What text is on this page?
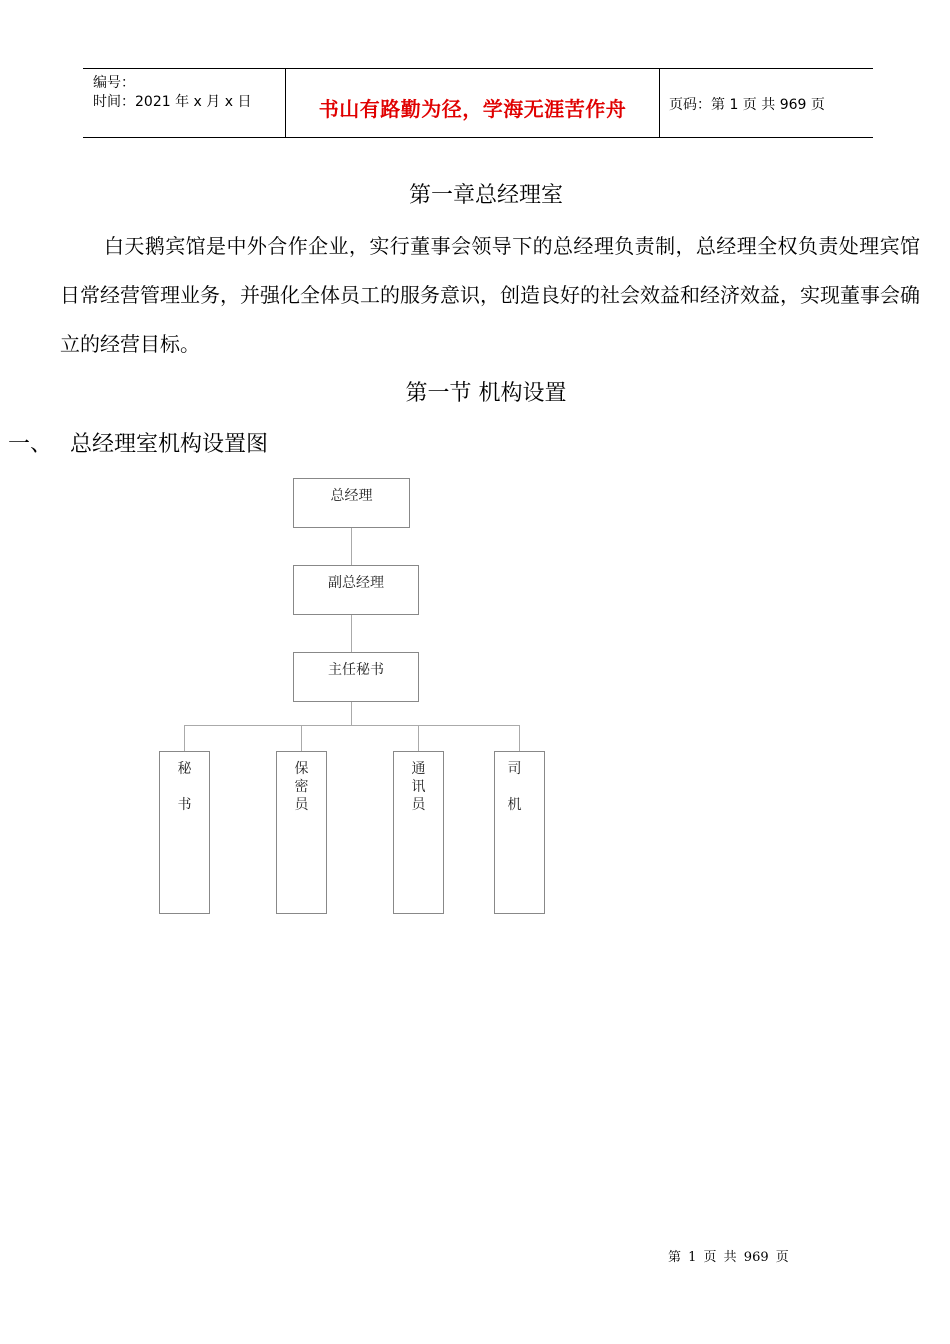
编号：
时间：2021 年 x 月 x 日	书山有路勤为径，学海无涯苦作舟	页码：第 1 页 共 969 页
第一章总经理室
白天鹅宾馆是中外合作企业，实行董事会领导下的总经理负责制，总经理全权负责处理宾馆日常经营管理业务，并强化全体员工的服务意识，创造良好的社会效益和经济效益，实现董事会确立的经营目标。
第一节 机构设置
一、 总经理室机构设置图
总经理
副总经理
主任秘书
秘
书
保
密
员
通
讯
员
司
机
第 1 页 共 969 页
